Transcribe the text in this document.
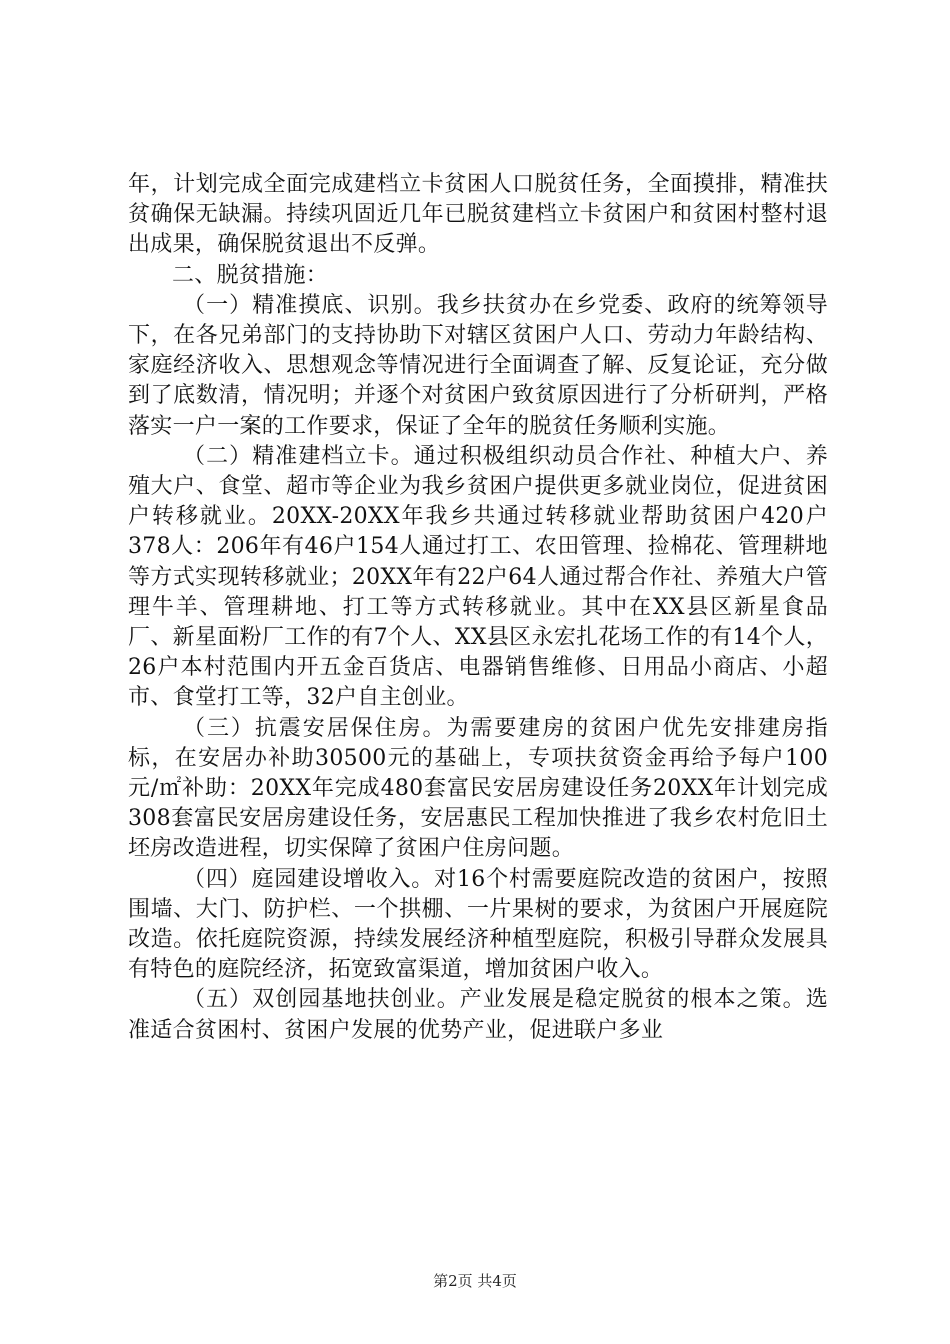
年，计划完成全面完成建档立卡贫困人口脱贫任务，全面摸排，精准扶贫确保无缺漏。持续巩固近几年已脱贫建档立卡贫困户和贫困村整村退出成果，确保脱贫退出不反弹。

二、脱贫措施：

（一）精准摸底、识别。我乡扶贫办在乡党委、政府的统筹领导下，在各兄弟部门的支持协助下对辖区贫困户人口、劳动力年龄结构、家庭经济收入、思想观念等情况进行全面调查了解、反复论证，充分做到了底数清，情况明；并逐个对贫困户致贫原因进行了分析研判，严格落实一户一案的工作要求，保证了全年的脱贫任务顺利实施。

（二）精准建档立卡。通过积极组织动员合作社、种植大户、养殖大户、食堂、超市等企业为我乡贫困户提供更多就业岗位，促进贫困户转移就业。20XX-20XX年我乡共通过转移就业帮助贫困户420户378人：206年有46户154人通过打工、农田管理、捡棉花、管理耕地等方式实现转移就业；20XX年有22户64人通过帮合作社、养殖大户管理牛羊、管理耕地、打工等方式转移就业。其中在XX县区新星食品厂、新星面粉厂工作的有7个人、XX县区永宏扎花场工作的有14个人，26户本村范围内开五金百货店、电器销售维修、日用品小商店、小超市、食堂打工等，32户自主创业。

（三）抗震安居保住房。为需要建房的贫困户优先安排建房指标，在安居办补助30500元的基础上，专项扶贫资金再给予每户100元/㎡补助：20XX年完成480套富民安居房建设任务20XX年计划完成308套富民安居房建设任务，安居惠民工程加快推进了我乡农村危旧土坯房改造进程，切实保障了贫困户住房问题。

（四）庭园建设增收入。对16个村需要庭院改造的贫困户，按照围墙、大门、防护栏、一个拱棚、一片果树的要求，为贫困户开展庭院改造。依托庭院资源，持续发展经济种植型庭院，积极引导群众发展具有特色的庭院经济，拓宽致富渠道，增加贫困户收入。

（五）双创园基地扶创业。产业发展是稳定脱贫的根本之策。选准适合贫困村、贫困户发展的优势产业，促进联户多业

第2页 共4页
